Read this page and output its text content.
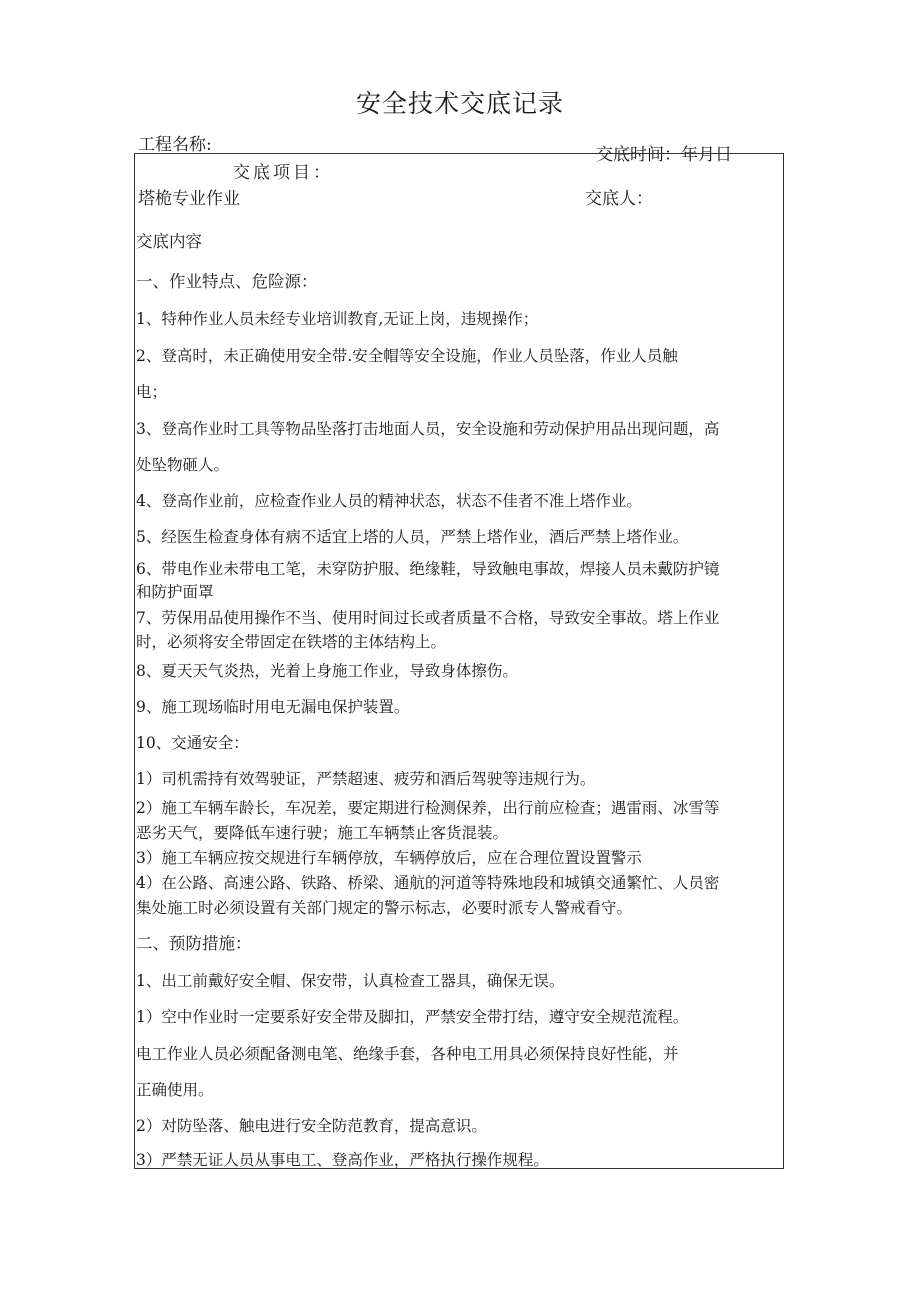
安全技术交底记录
工程名称:	交底时间：年月日
交底项目：
塔桅专业作业	交底人：
交底内容
一、作业特点、危险源：
1、特种作业人员未经专业培训教育,无证上岗，违规操作；
2、登高时，未正确使用安全带.安全帽等安全设施，作业人员坠落，作业人员触
电；
3、登高作业时工具等物品坠落打击地面人员，安全设施和劳动保护用品出现问题，高
处坠物砸人。
4、登高作业前，应检查作业人员的精神状态，状态不佳者不准上塔作业。
5、经医生检查身体有病不适宜上塔的人员，严禁上塔作业，酒后严禁上塔作业。
6、带电作业未带电工笔，未穿防护服、绝缘鞋，导致触电事故，焊接人员未戴防护镜
和防护面罩
7、劳保用品使用操作不当、使用时间过长或者质量不合格，导致安全事故。塔上作业
时，必须将安全带固定在铁塔的主体结构上。
8、夏天天气炎热，光着上身施工作业，导致身体擦伤。
9、施工现场临时用电无漏电保护装置。
10、交通安全：
1）司机需持有效驾驶证，严禁超速、疲劳和酒后驾驶等违规行为。
2）施工车辆车龄长，车况差，要定期进行检测保养，出行前应检查；遇雷雨、冰雪等
恶劣天气，要降低车速行驶；施工车辆禁止客货混装。
3）施工车辆应按交规进行车辆停放，车辆停放后，应在合理位置设置警示
4）在公路、高速公路、铁路、桥梁、通航的河道等特殊地段和城镇交通繁忙、人员密
集处施工时必须设置有关部门规定的警示标志，必要时派专人警戒看守。
二、预防措施：
1、出工前戴好安全帽、保安带，认真检查工器具，确保无误。
1）空中作业时一定要系好安全带及脚扣，严禁安全带打结，遵守安全规范流程。
电工作业人员必须配备测电笔、绝缘手套，各种电工用具必须保持良好性能，并
正确使用。
2）对防坠落、触电进行安全防范教育，提高意识。
3）严禁无证人员从事电工、登高作业，严格执行操作规程。
